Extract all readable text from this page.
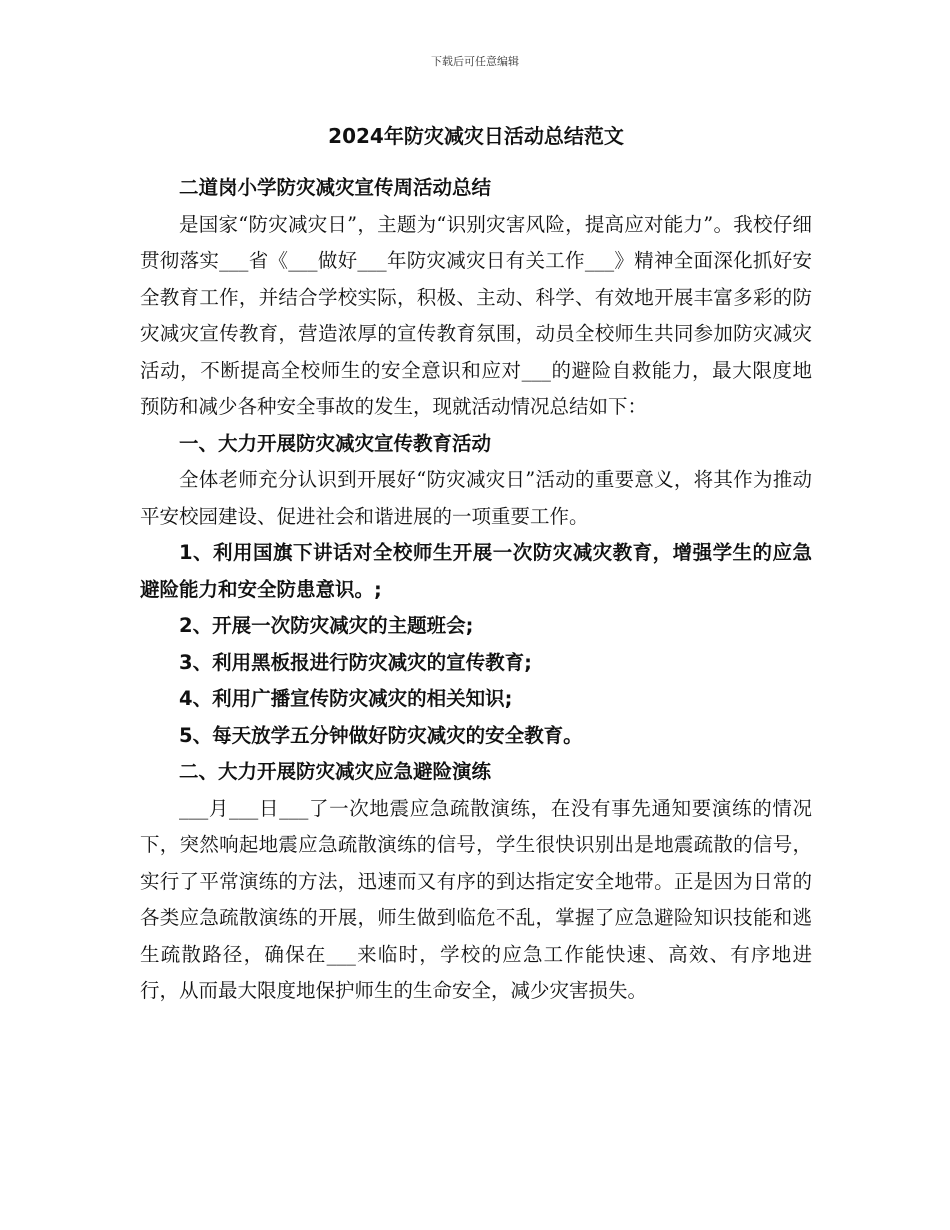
下载后可任意编辑
2024年防灾减灾日活动总结范文

二道岗小学防灾减灾宣传周活动总结

是国家“防灾减灾日”，主题为“识别灾害风险，提高应对能力”。我校仔细贯彻落实___省《___做好___年防灾减灾日有关工作___》精神全面深化抓好安全教育工作，并结合学校实际，积极、主动、科学、有效地开展丰富多彩的防灾减灾宣传教育，营造浓厚的宣传教育氛围，动员全校师生共同参加防灾减灾活动，不断提高全校师生的安全意识和应对___的避险自救能力，最大限度地预防和减少各种安全事故的发生，现就活动情况总结如下：

一、大力开展防灾减灾宣传教育活动

全体老师充分认识到开展好“防灾减灾日”活动的重要意义，将其作为推动平安校园建设、促进社会和谐进展的一项重要工作。

1、利用国旗下讲话对全校师生开展一次防灾减灾教育，增强学生的应急避险能力和安全防患意识。;

2、开展一次防灾减灾的主题班会;

3、利用黑板报进行防灾减灾的宣传教育;

4、利用广播宣传防灾减灾的相关知识;

5、每天放学五分钟做好防灾减灾的安全教育。

二、大力开展防灾减灾应急避险演练

___月___日___了一次地震应急疏散演练，在没有事先通知要演练的情况下，突然响起地震应急疏散演练的信号，学生很快识别出是地震疏散的信号，实行了平常演练的方法，迅速而又有序的到达指定安全地带。正是因为日常的各类应急疏散演练的开展，师生做到临危不乱，掌握了应急避险知识技能和逃生疏散路径，确保在___来临时，学校的应急工作能快速、高效、有序地进行，从而最大限度地保护师生的生命安全，减少灾害损失。
